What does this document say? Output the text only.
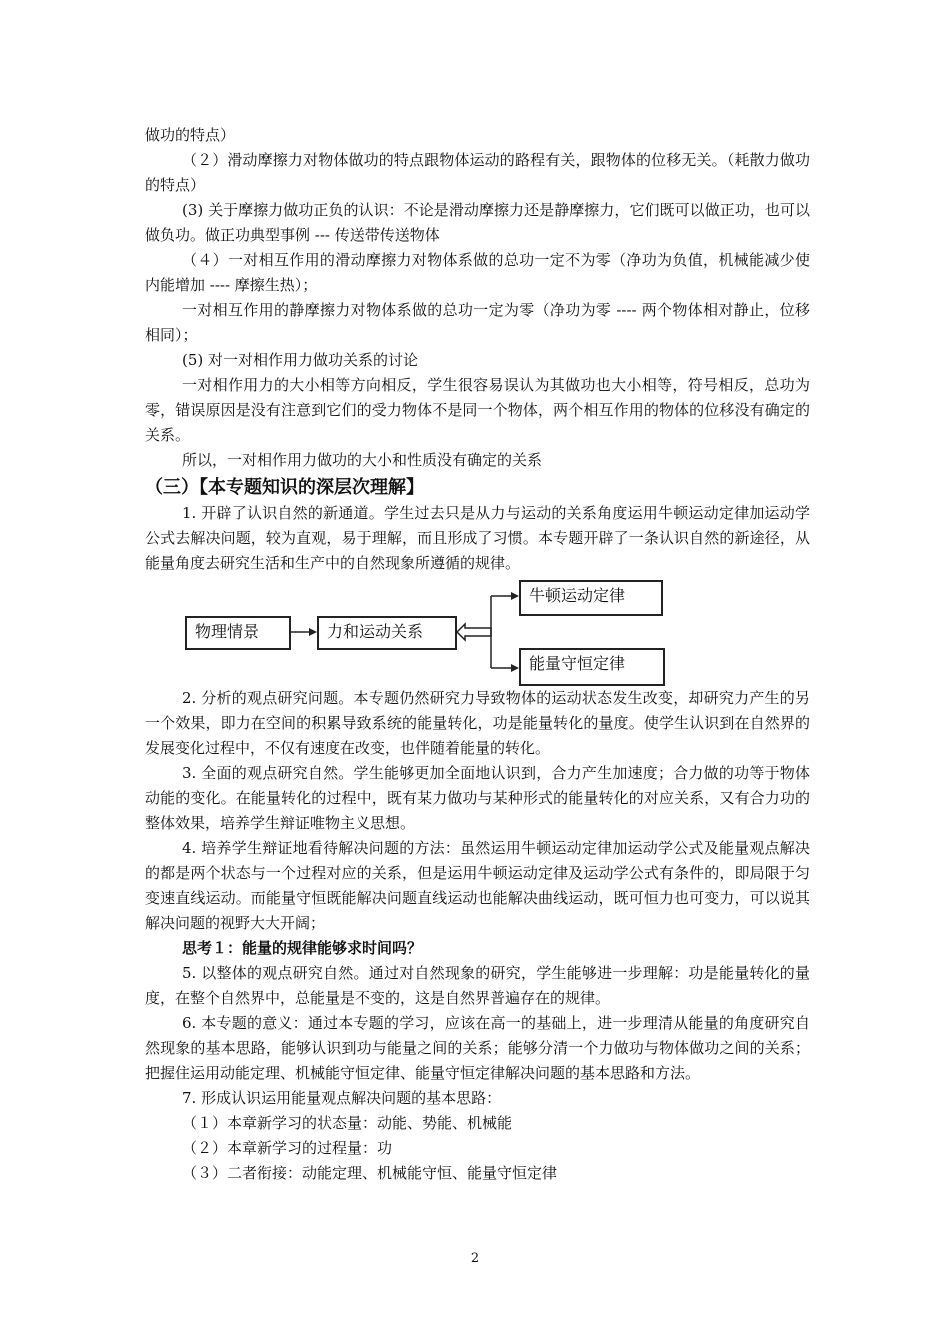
做功的特点）

（２）滑动摩擦力对物体做功的特点跟物体运动的路程有关，跟物体的位移无关。（耗散力做功的特点）

(3) 关于摩擦力做功正负的认识：不论是滑动摩擦力还是静摩擦力，它们既可以做正功，也可以做负功。做正功典型事例 --- 传送带传送物体

（４）一对相互作用的滑动摩擦力对物体系做的总功一定不为零（净功为负值，机械能减少使内能增加 ---- 摩擦生热）；

一对相互作用的静摩擦力对物体系做的总功一定为零（净功为零 ---- 两个物体相对静止，位移相同）；

(5) 对一对相作用力做功关系的讨论

一对相作用力的大小相等方向相反，学生很容易误认为其做功也大小相等，符号相反，总功为零，错误原因是没有注意到它们的受力物体不是同一个物体，两个相互作用的物体的位移没有确定的关系。

所以，一对相作用力做功的大小和性质没有确定的关系

（三）【本专题知识的深层次理解】

1. 开辟了认识自然的新通道。学生过去只是从力与运动的关系角度运用牛顿运动定律加运动学公式去解决问题，较为直观，易于理解，而且形成了习惯。本专题开辟了一条认识自然的新途径，从能量角度去研究生活和生产中的自然现象所遵循的规律。

物理情景	力和运动关系
牛顿运动定律
能量守恒定律

2. 分析的观点研究问题。本专题仍然研究力导致物体的运动状态发生改变，却研究力产生的另一个效果，即力在空间的积累导致系统的能量转化，功是能量转化的量度。使学生认识到在自然界的发展变化过程中，不仅有速度在改变，也伴随着能量的转化。

3. 全面的观点研究自然。学生能够更加全面地认识到，合力产生加速度；合力做的功等于物体动能的变化。在能量转化的过程中，既有某力做功与某种形式的能量转化的对应关系，又有合力功的整体效果，培养学生辩证唯物主义思想。

4. 培养学生辩证地看待解决问题的方法：虽然运用牛顿运动定律加运动学公式及能量观点解决的都是两个状态与一个过程对应的关系，但是运用牛顿运动定律及运动学公式有条件的，即局限于匀变速直线运动。而能量守恒既能解决问题直线运动也能解决曲线运动，既可恒力也可变力，可以说其解决问题的视野大大开阔；

思考１：能量的规律能够求时间吗？

5. 以整体的观点研究自然。通过对自然现象的研究，学生能够进一步理解：功是能量转化的量度，在整个自然界中，总能量是不变的，这是自然界普遍存在的规律。

6. 本专题的意义：通过本专题的学习，应该在高一的基础上，进一步理清从能量的角度研究自然现象的基本思路，能够认识到功与能量之间的关系；能够分清一个力做功与物体做功之间的关系；把握住运用动能定理、机械能守恒定律、能量守恒定律解决问题的基本思路和方法。

7. 形成认识运用能量观点解决问题的基本思路：

（１）本章新学习的状态量：动能、势能、机械能

（２）本章新学习的过程量：功

（３）二者衔接：动能定理、机械能守恒、能量守恒定律

2
